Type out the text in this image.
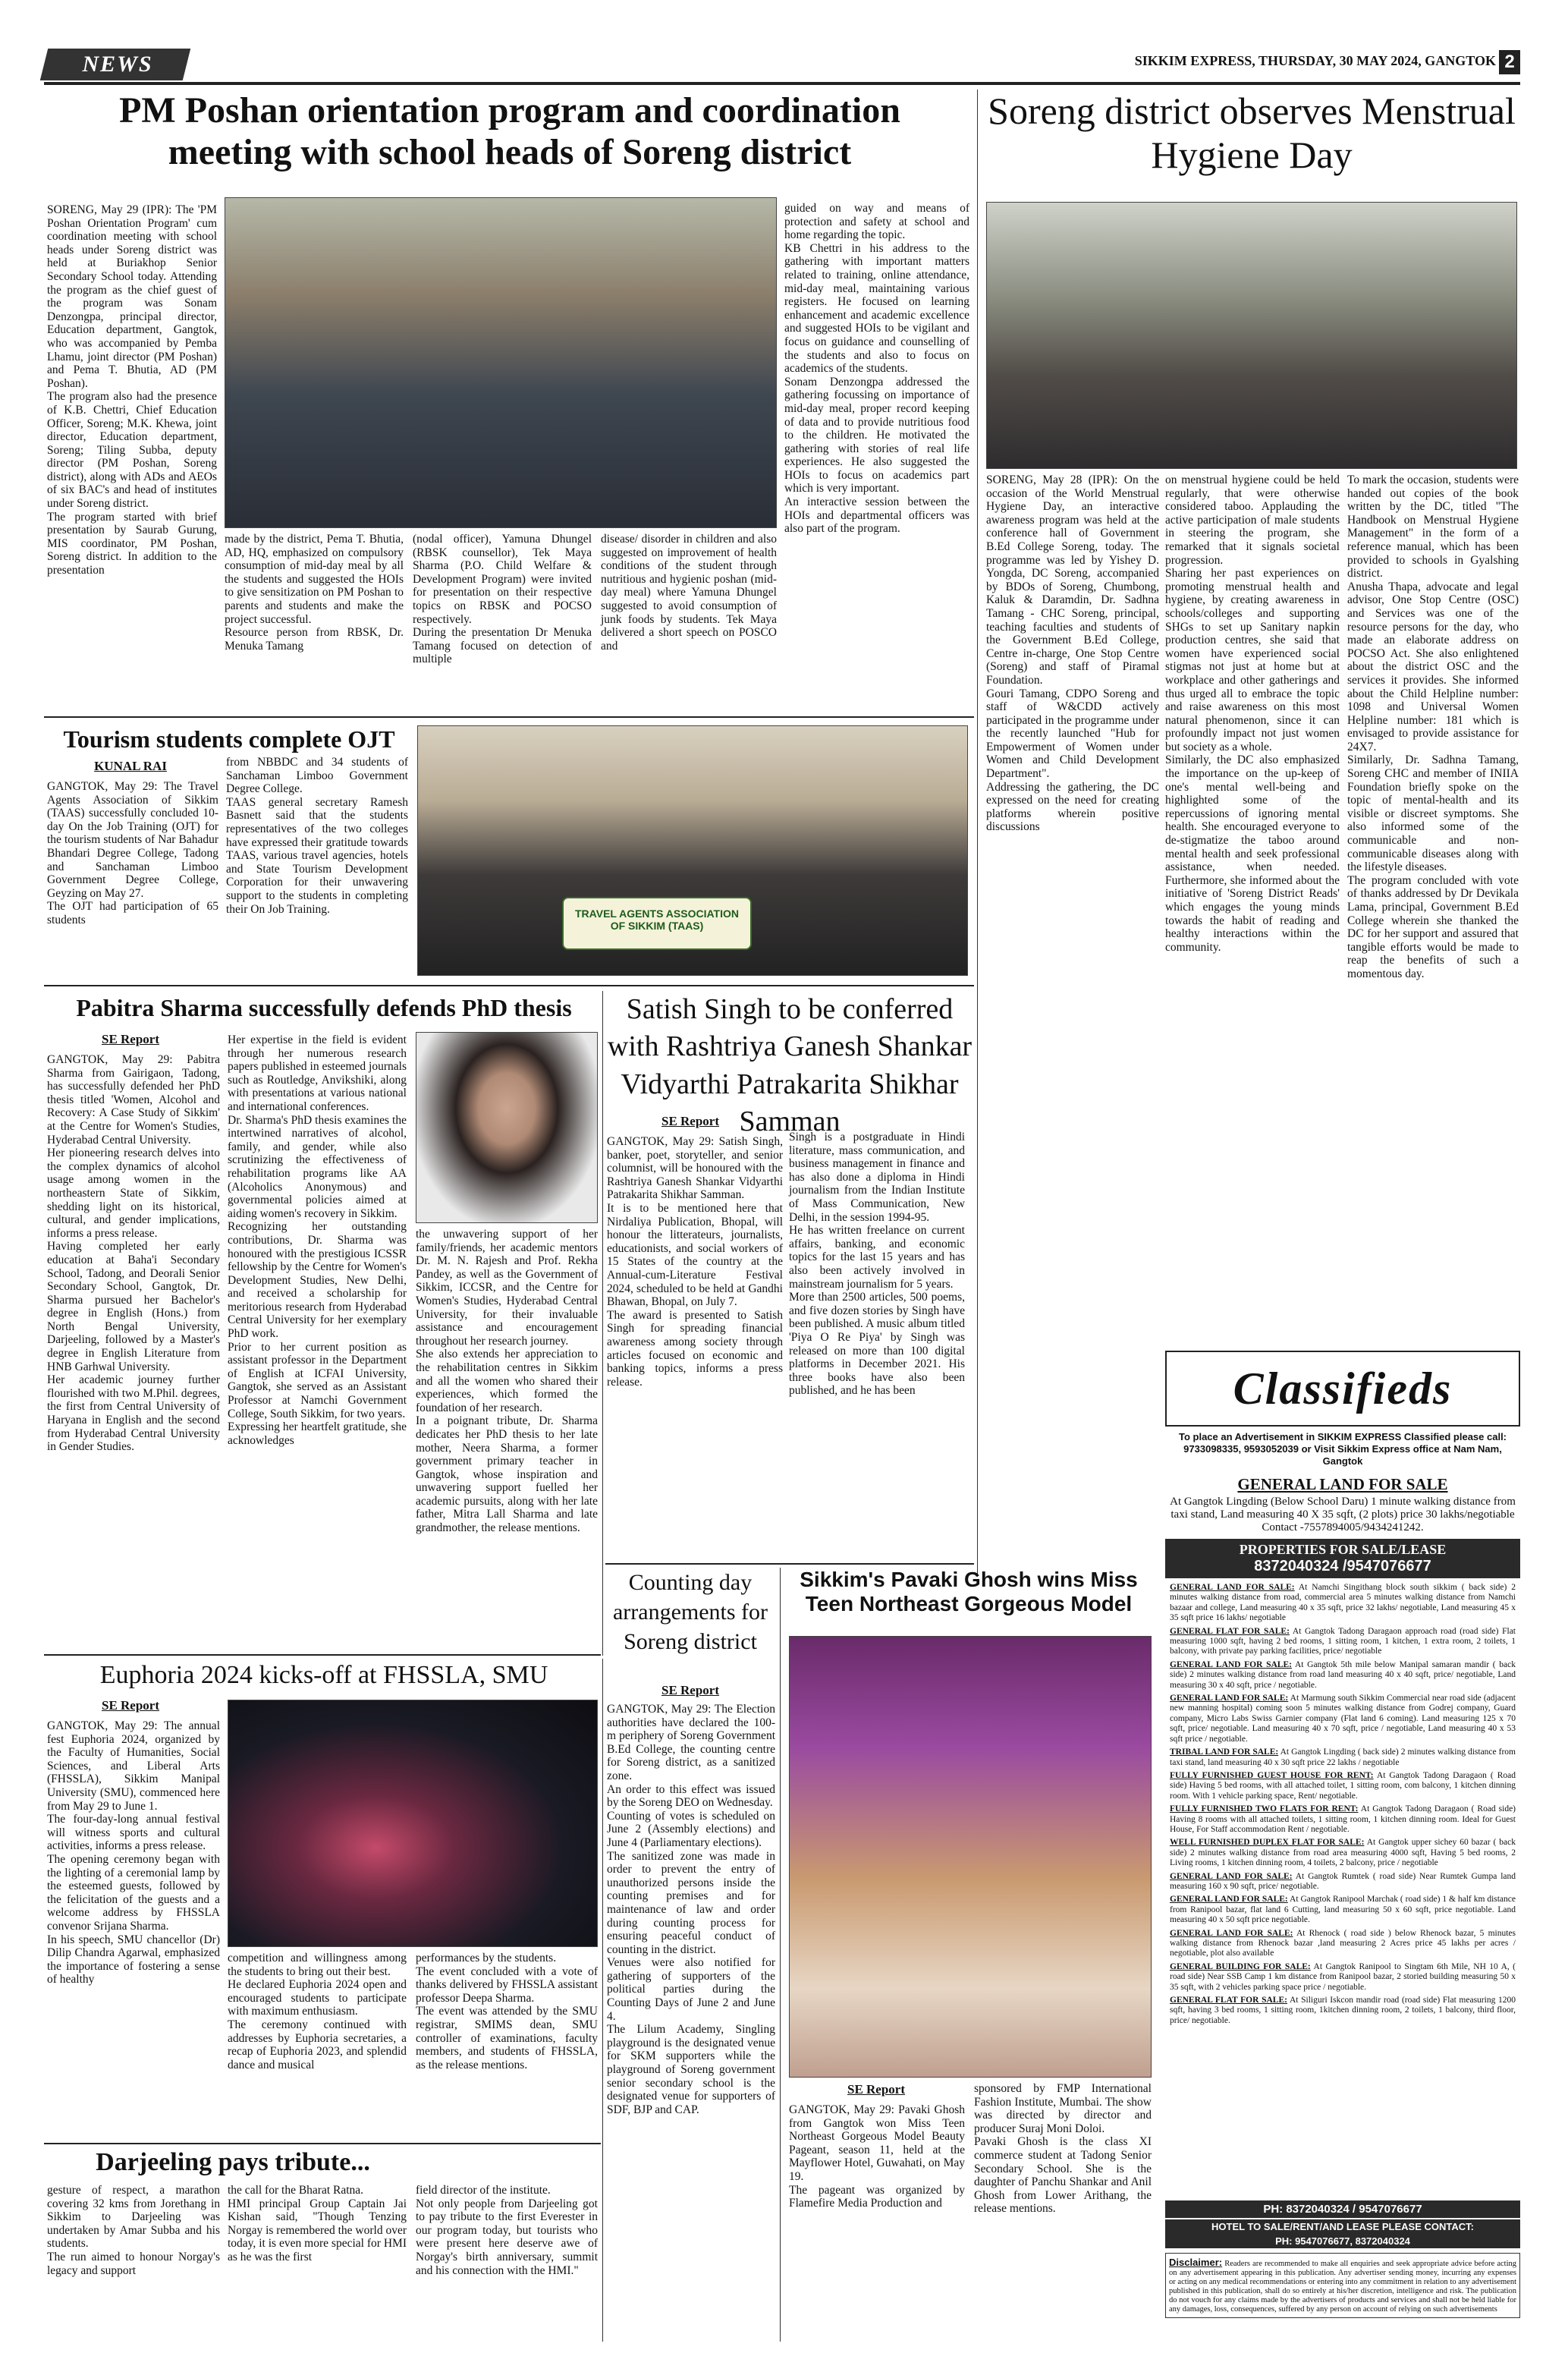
NEWS	SIKKIM EXPRESS, THURSDAY, 30 MAY 2024, GANGTOK 2
PM Poshan orientation program and coordination meeting with school heads of Soreng district
SORENG, May 29 (IPR): The 'PM Poshan Orientation Program' cum coordination meeting with school heads under Soreng district was held at Buriakhop Senior Secondary School today. Attending the program as the chief guest of the program was Sonam Denzongpa, principal director, Education department, Gangtok, who was accompanied by Pemba Lhamu, joint director (PM Poshan) and Pema T. Bhutia, AD (PM Poshan).
The program also had the presence of K.B. Chettri, Chief Education Officer, Soreng; M.K. Khewa, joint director, Education department, Soreng; Tiling Subba, deputy director (PM Poshan, Soreng district), along with ADs and AEOs of six BAC's and head of institutes under Soreng district.
The program started with brief presentation by Saurab Gurung, MIS coordinator, PM Poshan, Soreng district. In addition to the presentation
made by the district, Pema T. Bhutia, AD, HQ, emphasized on compulsory consumption of mid-day meal by all the students and suggested the HOIs to give sensitization on PM Poshan to parents and students and make the project successful.
Resource person from RBSK, Dr. Menuka Tamang
(nodal officer), Yamuna Dhungel (RBSK counsellor), Tek Maya Sharma (P.O. Child Welfare & Development Program) were invited for presentation on their respective topics on RBSK and POCSO respectively.
During the presentation Dr Menuka Tamang focused on detection of multiple
disease/ disorder in children and also suggested on improvement of health conditions of the student through nutritious and hygienic poshan (mid-day meal) where Yamuna Dhungel suggested to avoid consumption of junk foods by students. Tek Maya delivered a short speech on POSCO and
guided on way and means of protection and safety at school and home regarding the topic.
KB Chettri in his address to the gathering with important matters related to training, online attendance, mid-day meal, maintaining various registers. He focused on learning enhancement and academic excellence and suggested HOIs to be vigilant and focus on guidance and counselling of the students and also to focus on academics of the students.
Sonam Denzongpa addressed the gathering focussing on importance of mid-day meal, proper record keeping of data and to provide nutritious food to the children. He motivated the gathering with stories of real life experiences. He also suggested the HOIs to focus on academics part which is very important.
An interactive session between the HOIs and departmental officers was also part of the program.
Soreng district observes Menstrual Hygiene Day
SORENG, May 28 (IPR): On the occasion of the World Menstrual Hygiene Day, an interactive awareness program was held at the conference hall of Government B.Ed College Soreng, today. The programme was led by Yishey D. Yongda, DC Soreng, accompanied by BDOs of Soreng, Chumbong, Kaluk & Daramdin, Dr. Sadhna Tamang - CHC Soreng, principal, teaching faculties and students of the Government B.Ed College, Centre in-charge, One Stop Centre (Soreng) and staff of Piramal Foundation.
Gouri Tamang, CDPO Soreng and staff of W&CDD actively participated in the programme under the recently launched "Hub for Empowerment of Women under Women and Child Development Department".
Addressing the gathering, the DC expressed on the need for creating platforms wherein positive discussions
on menstrual hygiene could be held regularly, that were otherwise considered taboo. Applauding the active participation of male students in steering the program, she remarked that it signals societal progression.
Sharing her past experiences on promoting menstrual health and hygiene, by creating awareness in schools/colleges and supporting SHGs to set up Sanitary napkin production centres, she said that women have experienced social stigmas not just at home but at workplace and other gatherings and thus urged all to embrace the topic and raise awareness on this most natural phenomenon, since it can profoundly impact not just women but society as a whole.
Similarly, the DC also emphasized the importance on the up-keep of one's mental well-being and highlighted some of the repercussions of ignoring mental health. She encouraged everyone to de-stigmatize the taboo around mental health and seek professional assistance, when needed. Furthermore, she informed about the initiative of 'Soreng District Reads' which engages the young minds towards the habit of reading and healthy interactions within the community.
To mark the occasion, students were handed out copies of the book written by the DC, titled "The Handbook on Menstrual Hygiene Management" in the form of a reference manual, which has been provided to schools in Gyalshing district.
Anusha Thapa, advocate and legal advisor, One Stop Centre (OSC) and Services was one of the resource persons for the day, who made an elaborate address on POCSO Act. She also enlightened about the district OSC and the services it provides. She informed about the Child Helpline number: 1098 and Universal Women Helpline number: 181 which is envisaged to provide assistance for 24X7.
Similarly, Dr. Sadhna Tamang, Soreng CHC and member of INIIA Foundation briefly spoke on the topic of mental-health and its visible or discreet symptoms. She also informed some of the communicable and non-communicable diseases along with the lifestyle diseases.
The program concluded with vote of thanks addressed by Dr Devikala Lama, principal, Government B.Ed College wherein she thanked the DC for her support and assured that tangible efforts would be made to reap the benefits of such a momentous day.
Tourism students complete OJT
KUNAL RAI
GANGTOK, May 29: The Travel Agents Association of Sikkim (TAAS) successfully concluded 10-day On the Job Training (OJT) for the tourism students of Nar Bahadur Bhandari Degree College, Tadong and Sanchaman Limboo Government Degree College, Geyzing on May 27.
The OJT had participation of 65 students
from NBBDC and 34 students of Sanchaman Limboo Government Degree College.
TAAS general secretary Ramesh Basnett said that the students representatives of the two colleges have expressed their gratitude towards TAAS, various travel agencies, hotels and State Tourism Development Corporation for their unwavering support to the students in completing their On Job Training.	TRAVEL AGENTS ASSOCIATION
OF SIKKIM (TAAS)
Pabitra Sharma successfully defends PhD thesis
SE Report
GANGTOK, May 29: Pabitra Sharma from Gairigaon, Tadong, has successfully defended her PhD thesis titled 'Women, Alcohol and Recovery: A Case Study of Sikkim' at the Centre for Women's Studies, Hyderabad Central University.
Her pioneering research delves into the complex dynamics of alcohol usage among women in the northeastern State of Sikkim, shedding light on its historical, cultural, and gender implications, informs a press release.
Having completed her early education at Baha'i Secondary School, Tadong, and Deorali Senior Secondary School, Gangtok, Dr. Sharma pursued her Bachelor's degree in English (Hons.) from North Bengal University, Darjeeling, followed by a Master's degree in English Literature from HNB Garhwal University.
Her academic journey further flourished with two M.Phil. degrees, the first from Central University of Haryana in English and the second from Hyderabad Central University in Gender Studies.
Her expertise in the field is evident through her numerous research papers published in esteemed journals such as Routledge, Anvikshiki, along with presentations at various national and international conferences.
Dr. Sharma's PhD thesis examines the intertwined narratives of alcohol, family, and gender, while also scrutinizing the effectiveness of rehabilitation programs like AA (Alcoholics Anonymous) and governmental policies aimed at aiding women's recovery in Sikkim.
Recognizing her outstanding contributions, Dr. Sharma was honoured with the prestigious ICSSR fellowship by the Centre for Women's Development Studies, New Delhi, and received a scholarship for meritorious research from Hyderabad Central University for her exemplary PhD work.
Prior to her current position as assistant professor in the Department of English at ICFAI University, Gangtok, she served as an Assistant Professor at Namchi Government College, South Sikkim, for two years.
Expressing her heartfelt gratitude, she acknowledges
the unwavering support of her family/friends, her academic mentors Dr. M. N. Rajesh and Prof. Rekha Pandey, as well as the Government of Sikkim, ICCSR, and the Centre for Women's Studies, Hyderabad Central University, for their invaluable assistance and encouragement throughout her research journey.
She also extends her appreciation to the rehabilitation centres in Sikkim and all the women who shared their experiences, which formed the foundation of her research.
In a poignant tribute, Dr. Sharma dedicates her PhD thesis to her late mother, Neera Sharma, a former government primary teacher in Gangtok, whose inspiration and unwavering support fuelled her academic pursuits, along with her late father, Mitra Lall Sharma and late grandmother, the release mentions.
Satish Singh to be conferred with Rashtriya Ganesh Shankar Vidyarthi Patrakarita Shikhar Samman
SE Report
GANGTOK, May 29: Satish Singh, banker, poet, storyteller, and senior columnist, will be honoured with the Rashtriya Ganesh Shankar Vidyarthi Patrakarita Shikhar Samman.
It is to be mentioned here that Nirdaliya Publication, Bhopal, will honour the litterateurs, journalists, educationists, and social workers of 15 States of the country at the Annual-cum-Literature Festival 2024, scheduled to be held at Gandhi Bhawan, Bhopal, on July 7.
The award is presented to Satish Singh for spreading financial awareness among society through articles focused on economic and banking topics, informs a press release.
Singh is a postgraduate in Hindi literature, mass communication, and business management in finance and has also done a diploma in Hindi journalism from the Indian Institute of Mass Communication, New Delhi, in the session 1994-95.
He has written freelance on current affairs, banking, and economic topics for the last 15 years and has also been actively involved in mainstream journalism for 5 years.
More than 2500 articles, 500 poems, and five dozen stories by Singh have been published. A music album titled 'Piya O Re Piya' by Singh was released on more than 100 digital platforms in December 2021. His three books have also been published, and he has been
Counting day arrangements for Soreng district
SE Report
GANGTOK, May 29: The Election authorities have declared the 100-m periphery of Soreng Government B.Ed College, the counting centre for Soreng district, as a sanitized zone.
An order to this effect was issued by the Soreng DEO on Wednesday.
Counting of votes is scheduled on June 2 (Assembly elections) and June 4 (Parliamentary elections).
The sanitized zone was made in order to prevent the entry of unauthorized persons inside the counting premises and for maintenance of law and order during counting process for ensuring peaceful conduct of counting in the district.
Venues were also notified for gathering of supporters of the political parties during the Counting Days of June 2 and June 4.
The Lilum Academy, Singling playground is the designated venue for SKM supporters while the playground of Soreng government senior secondary school is the designated venue for supporters of SDF, BJP and CAP.
Sikkim's Pavaki Ghosh wins Miss Teen Northeast Gorgeous Model
SE Report
GANGTOK, May 29: Pavaki Ghosh from Gangtok won Miss Teen Northeast Gorgeous Model Beauty Pageant, season 11, held at the Mayflower Hotel, Guwahati, on May 19.
The pageant was organized by Flamefire Media Production and
sponsored by FMP International Fashion Institute, Mumbai. The show was directed by director and producer Suraj Moni Doloi.
Pavaki Ghosh is the class XI commerce student at Tadong Senior Secondary School. She is the daughter of Panchu Shankar and Anil Ghosh from Lower Arithang, the release mentions.
Euphoria 2024 kicks-off at FHSSLA, SMU
SE Report
GANGTOK, May 29: The annual fest Euphoria 2024, organized by the Faculty of Humanities, Social Sciences, and Liberal Arts (FHSSLA), Sikkim Manipal University (SMU), commenced here from May 29 to June 1.
The four-day-long annual festival will witness sports and cultural activities, informs a press release.
The opening ceremony began with the lighting of a ceremonial lamp by the esteemed guests, followed by the felicitation of the guests and a welcome address by FHSSLA convenor Srijana Sharma.
In his speech, SMU chancellor (Dr) Dilip Chandra Agarwal, emphasized the importance of fostering a sense of healthy
competition and willingness among the students to bring out their best.
He declared Euphoria 2024 open and encouraged students to participate with maximum enthusiasm.
The ceremony continued with addresses by Euphoria secretaries, a recap of Euphoria 2023, and splendid dance and musical
performances by the students.
The event concluded with a vote of thanks delivered by FHSSLA assistant professor Deepa Sharma.
The event was attended by the SMU registrar, SMIMS dean, SMU controller of examinations, faculty members, and students of FHSSLA, as the release mentions.
Darjeeling pays tribute...
gesture of respect, a marathon covering 32 kms from Jorethang in Sikkim to Darjeeling was undertaken by Amar Subba and his students.
The run aimed to honour Norgay's legacy and support
the call for the Bharat Ratna.
HMI principal Group Captain Jai Kishan said, "Though Tenzing Norgay is remembered the world over today, it is even more special for HMI as he was the first
field director of the institute.
Not only people from Darjeeling got to pay tribute to the first Everester in our program today, but tourists who were present here deserve awe of Norgay's birth anniversary, summit and his connection with the HMI."
Classifieds
To place an Advertisement in SIKKIM EXPRESS Classified please call: 9733098335, 9593052039 or Visit Sikkim Express office at Nam Nam, Gangtok
GENERAL LAND FOR SALE
At Gangtok Lingding (Below School Daru) 1 minute walking distance from taxi stand, Land measuring 40 X 35 sqft, (2 plots) price 30 lakhs/negotiable Contact -7557894005/9434241242.
PROPERTIES FOR SALE/LEASE
8372040324 /9547076677
GENERAL LAND FOR SALE: At Namchi Singithang block south sikkim ( back side) 2 minutes walking distance from road, commercial area 5 minutes walking distance from Namchi bazaar and college, Land measuring 40 x 35 sqft, price 32 lakhs/ negotiable, Land measuring 45 x 35 sqft price 16 lakhs/ negotiable
GENERAL FLAT FOR SALE: At Gangtok Tadong Daragaon approach road (road side) Flat measuring 1000 sqft, having 2 bed rooms, 1 sitting room, 1 kitchen, 1 extra room, 2 toilets, 1 balcony, with private pay parking facilities, price/ negotiable
GENERAL LAND FOR SALE: At Gangtok 5th mile below Manipal samaran mandir ( back side) 2 minutes walking distance from road land measuring 40 x 40 sqft, price/ negotiable, Land measuring 30 x 40 sqft, price / negotiable.
GENERAL LAND FOR SALE: At Marmung south Sikkim Commercial near road side (adjacent new manning hospital) coming soon 5 minutes walking distance from Godrej company, Guard company, Micro Labs Swiss Garnier company (Flat land 6 coming). Land measuring 125 x 70 sqft, price/ negotiable. Land measuring 40 x 70 sqft, price / negotiable, Land measuring 40 x 53 sqft price / negotiable.
TRIBAL LAND FOR SALE: At Gangtok Lingding ( back side) 2 minutes walking distance from taxi stand, land measuring 40 x 30 sqft price 22 lakhs / negotiable
FULLY FURNISHED GUEST HOUSE FOR RENT: At Gangtok Tadong Daragaon ( Road side) Having 5 bed rooms, with all attached toilet, 1 sitting room, com balcony, 1 kitchen dinning room. With 1 vehicle parking space, Rent/ negotiable.
FULLY FURNISHED TWO FLATS FOR RENT: At Gangtok Tadong Daragaon ( Road side) Having 8 rooms with all attached toilets, 1 sitting room, 1 kitchen dinning room. Ideal for Guest House, For Staff accommodation Rent / negotiable.
WELL FURNISHED DUPLEX FLAT FOR SALE: At Gangtok upper sichey 60 bazar ( back side) 2 minutes walking distance from road area measuring 4000 sqft, Having 5 bed rooms, 2 Living rooms, 1 kitchen dinning room, 4 toilets, 2 balcony, price / negotiable
GENERAL LAND FOR SALE: At Gangtok Rumtek ( road side) Near Rumtek Gumpa land measuring 160 x 90 sqft, price/ negotiable.
GENERAL LAND FOR SALE: At Gangtok Ranipool Marchak ( road side) 1 & half km distance from Ranipool bazar, flat land 6 Cutting, land measuring 50 x 60 sqft, price negotiable. Land measuring 40 x 50 sqft price negotiable.
GENERAL LAND FOR SALE: At Rhenock ( road side ) below Rhenock bazar, 5 minutes walking distance from Rhenock bazar ,land measuring 2 Acres price 45 lakhs per acres / negotiable, plot also available
GENERAL BUILDING FOR SALE: At Gangtok Ranipool to Singtam 6th Mile, NH 10 A, ( road side) Near SSB Camp 1 km distance from Ranipool bazar, 2 storied building measuring 50 x 35 sqft, with 2 vehicles parking space price / negotiable.
GENERAL FLAT FOR SALE: At Siliguri Iskcon mandir road (road side) Flat measuring 1200 sqft, having 3 bed rooms, 1 sitting room, 1kitchen dinning room, 2 toilets, 1 balcony, third floor, price/ negotiable.
PH: 8372040324 / 9547076677
HOTEL TO SALE/RENT/AND LEASE PLEASE CONTACT:
PH: 9547076677, 8372040324
Disclaimer: Readers are recommended to make all enquiries and seek appropriate advice before acting on any advertisement appearing in this publication. Any advertiser sending money, incurring any expenses or acting on any medical recommendations or entering into any commitment in relation to any advertisement published in this publication, shall do so entirely at his/her discretion, intelligence and risk. The publication do not vouch for any claims made by the advertisers of products and services and shall not be held liable for any damages, loss, consequences, suffered by any person on account of relying on such advertisements
